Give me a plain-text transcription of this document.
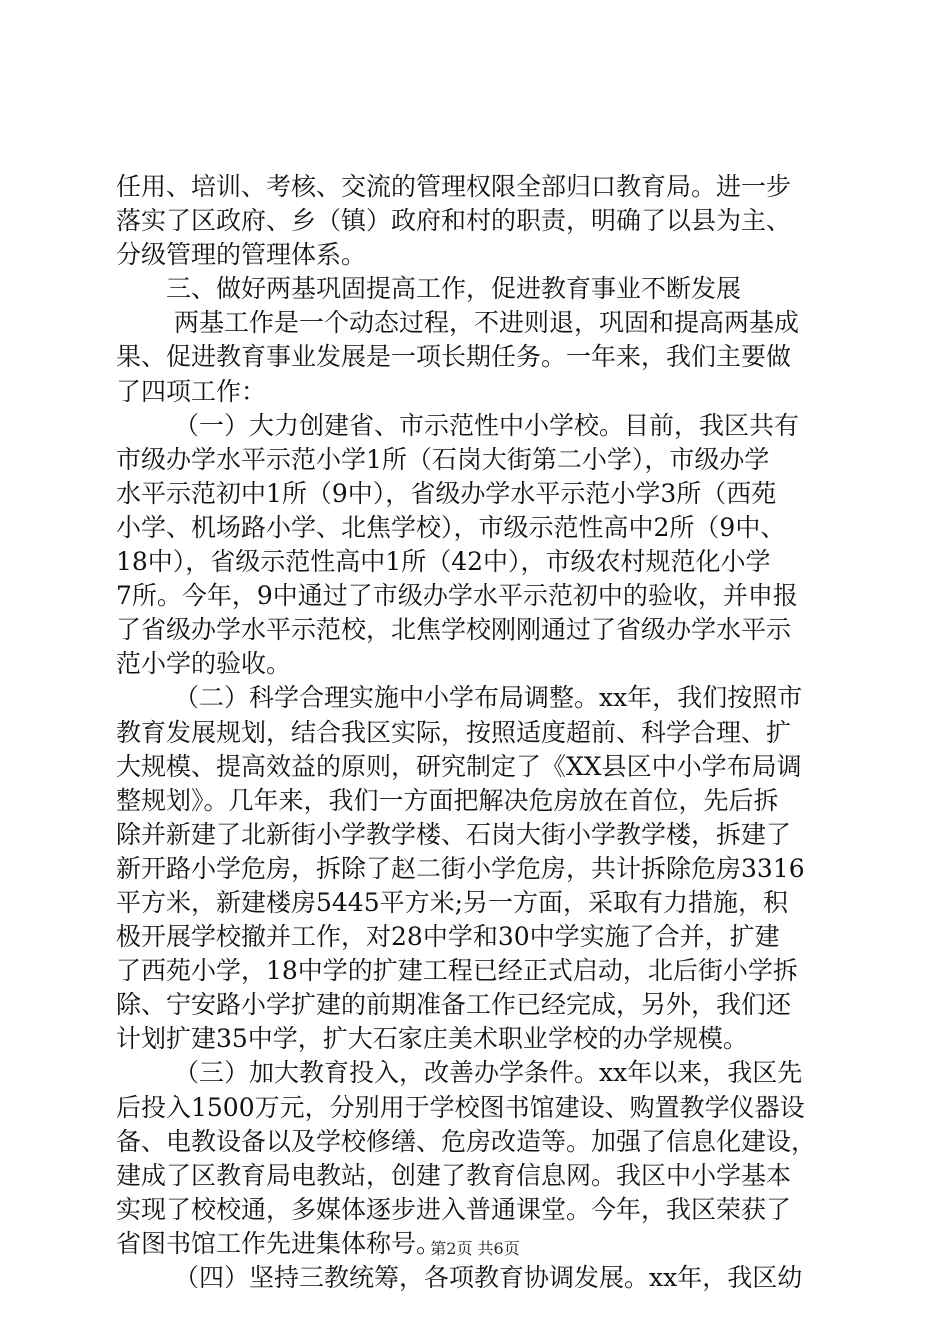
任用、培训、考核、交流的管理权限全部归口教育局。进一步
落实了区政府、乡（镇）政府和村的职责，明确了以县为主、
分级管理的管理体系。
三、做好两基巩固提高工作，促进教育事业不断发展
两基工作是一个动态过程，不进则退，巩固和提高两基成
果、促进教育事业发展是一项长期任务。一年来，我们主要做
了四项工作：
（一）大力创建省、市示范性中小学校。目前，我区共有
市级办学水平示范小学1所（石岗大街第二小学），市级办学
水平示范初中1所（9中），省级办学水平示范小学3所（西苑
小学、机场路小学、北焦学校），市级示范性高中2所（9中、
18中），省级示范性高中1所（42中），市级农村规范化小学
7所。今年，9中通过了市级办学水平示范初中的验收，并申报
了省级办学水平示范校，北焦学校刚刚通过了省级办学水平示
范小学的验收。
（二）科学合理实施中小学布局调整。xx年，我们按照市
教育发展规划，结合我区实际，按照适度超前、科学合理、扩
大规模、提高效益的原则，研究制定了《XX县区中小学布局调
整规划》。几年来，我们一方面把解决危房放在首位，先后拆
除并新建了北新街小学教学楼、石岗大街小学教学楼，拆建了
新开路小学危房，拆除了赵二街小学危房，共计拆除危房3316
平方米，新建楼房5445平方米;另一方面，采取有力措施，积
极开展学校撤并工作，对28中学和30中学实施了合并，扩建
了西苑小学，18中学的扩建工程已经正式启动，北后街小学拆
除、宁安路小学扩建的前期准备工作已经完成，另外，我们还
计划扩建35中学，扩大石家庄美术职业学校的办学规模。
（三）加大教育投入，改善办学条件。xx年以来，我区先
后投入1500万元，分别用于学校图书馆建设、购置教学仪器设
备、电教设备以及学校修缮、危房改造等。加强了信息化建设，
建成了区教育局电教站，创建了教育信息网。我区中小学基本
实现了校校通，多媒体逐步进入普通课堂。今年，我区荣获了
省图书馆工作先进集体称号。
（四）坚持三教统筹，各项教育协调发展。xx年，我区幼
第2页 共6页
